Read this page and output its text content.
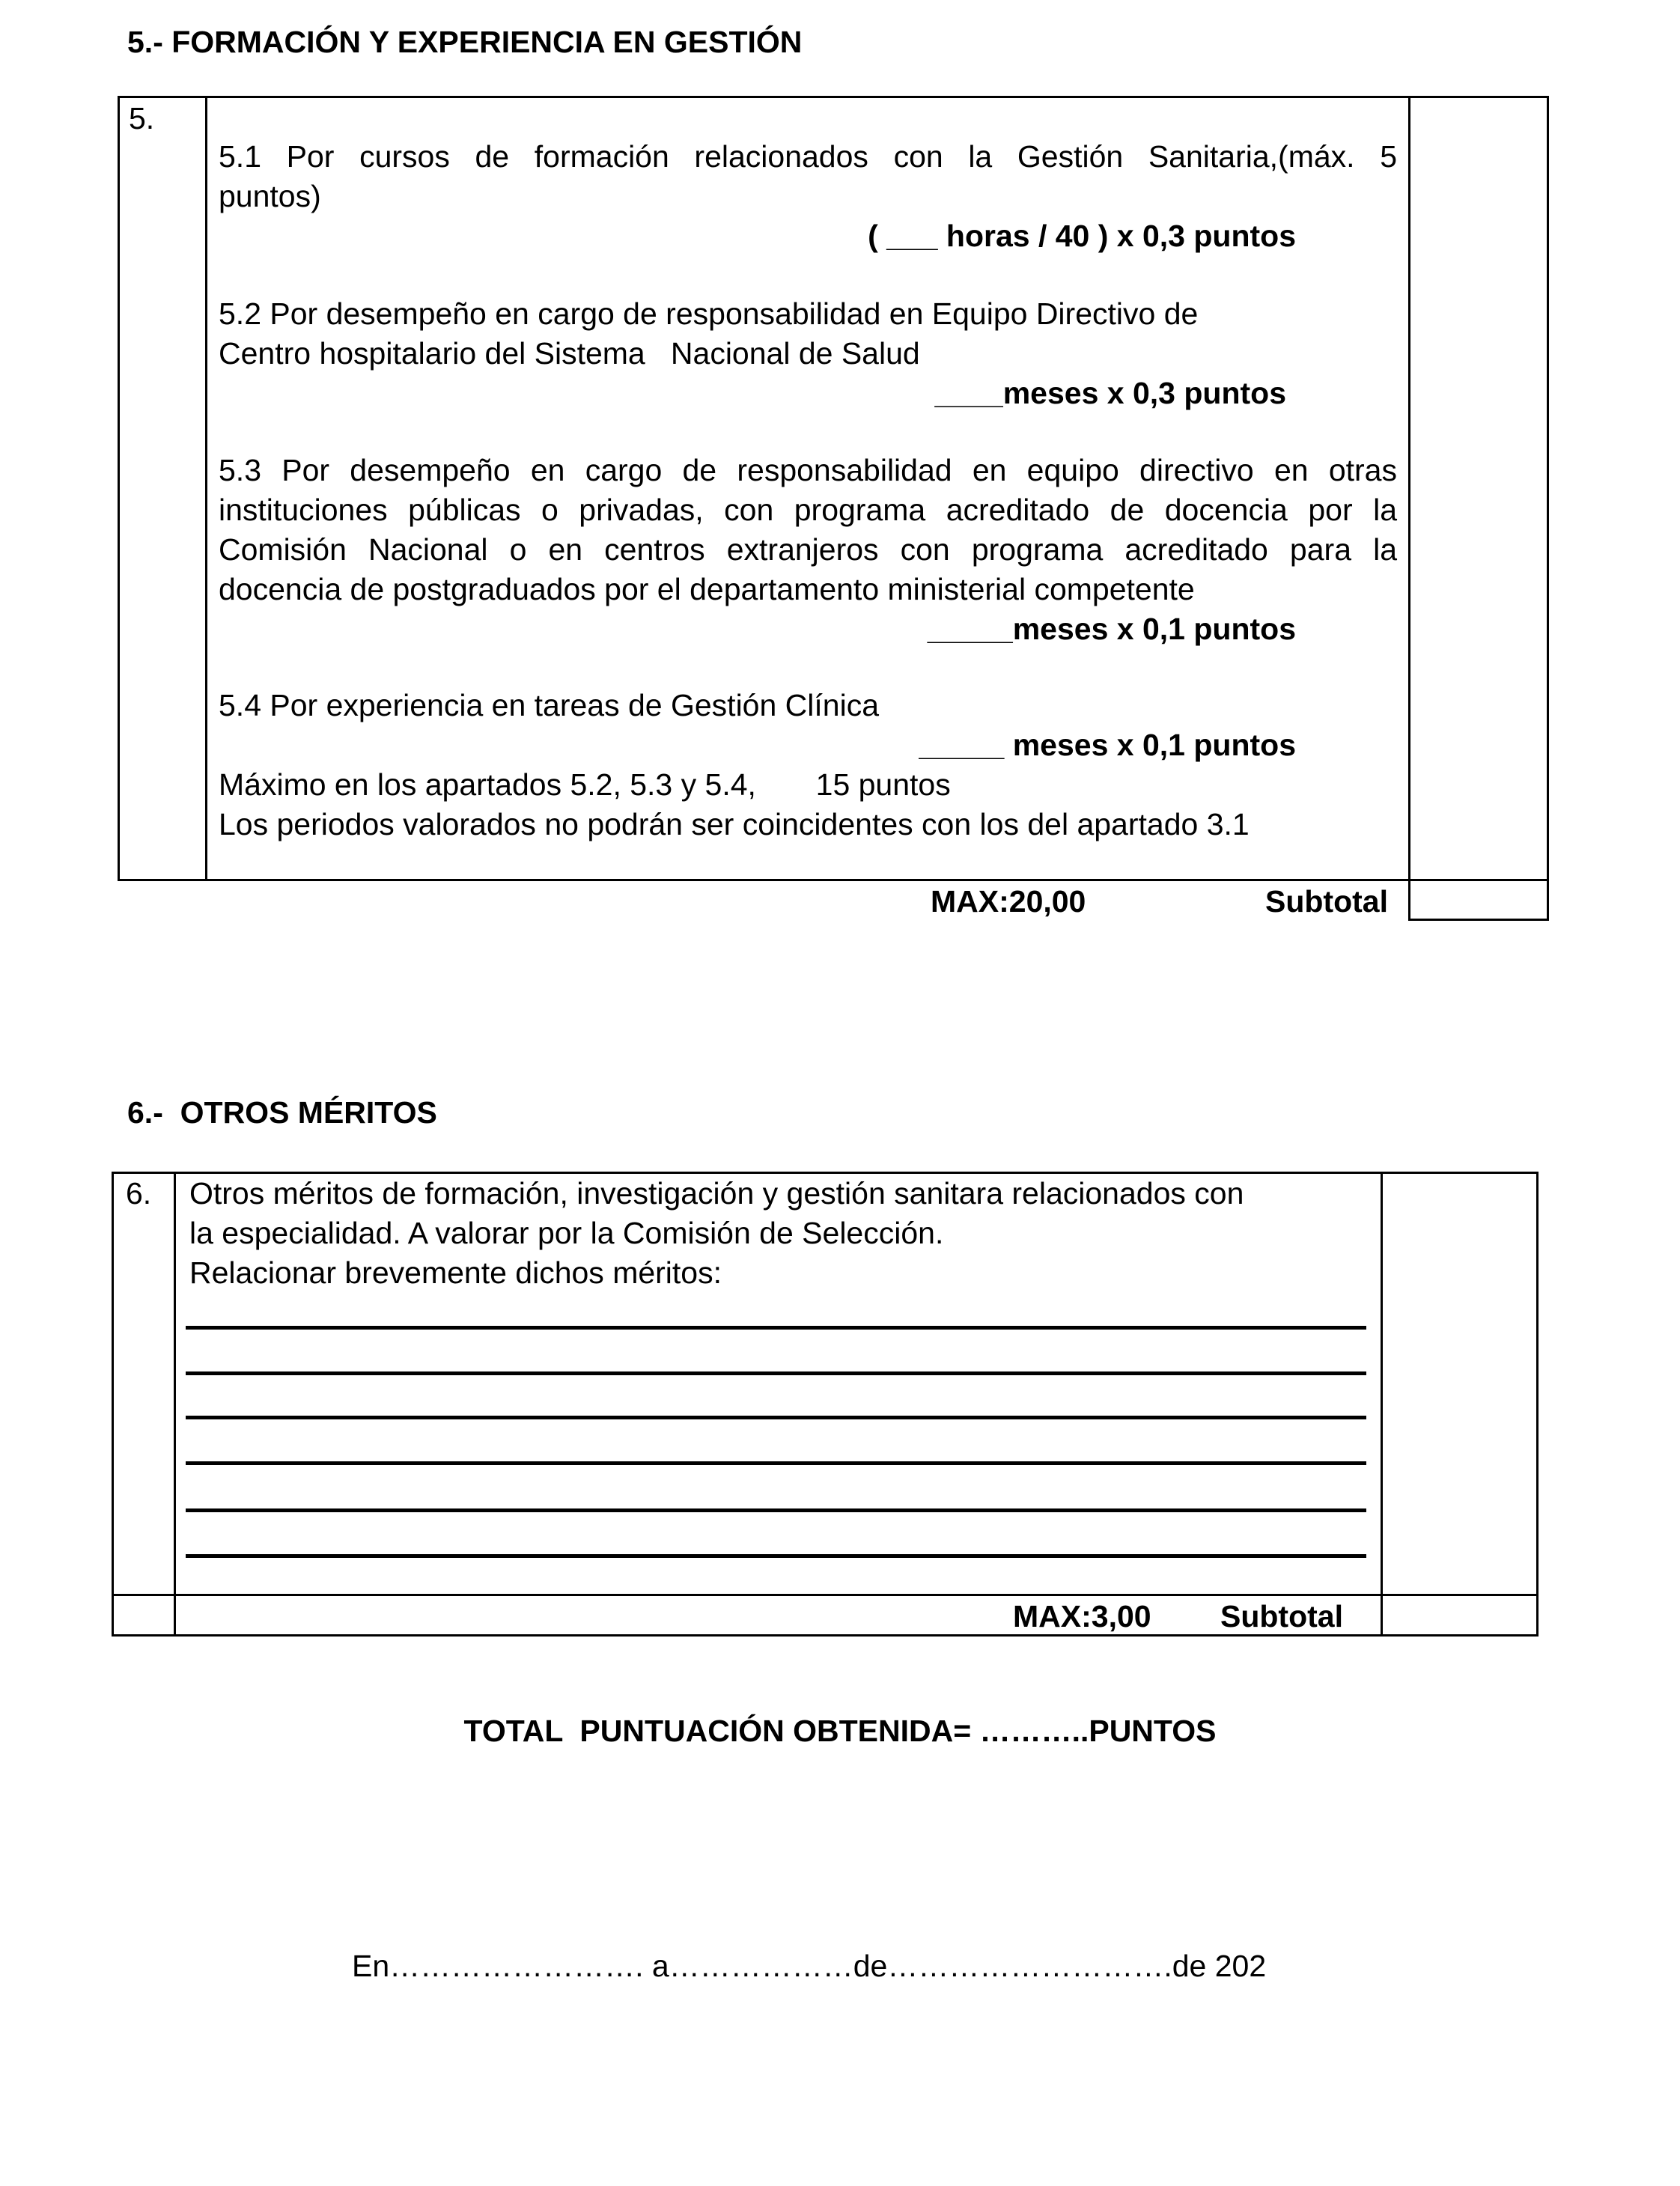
5.- FORMACIÓN Y EXPERIENCIA EN GESTIÓN
5.
5.1 Por cursos de formación relacionados con la Gestión Sanitaria,(máx. 5
puntos)
( ___ horas / 40 ) x 0,3 puntos
5.2 Por desempeño en cargo de responsabilidad en Equipo Directivo de
Centro hospitalario del Sistema   Nacional de Salud
____meses x 0,3 puntos
5.3 Por desempeño en cargo de responsabilidad en equipo directivo en otras
instituciones públicas o privadas, con programa acreditado de docencia por la
Comisión Nacional o en centros extranjeros con programa acreditado para la
docencia de postgraduados por el departamento ministerial competente
_____meses x 0,1 puntos
5.4 Por experiencia en tareas de Gestión Clínica
_____ meses x 0,1 puntos
Máximo en los apartados 5.2, 5.3 y 5.4,       15 puntos
Los periodos valorados no podrán ser coincidentes con los del apartado 3.1
MAX:20,00	Subtotal
6.-  OTROS MÉRITOS
6. Otros méritos de formación, investigación y gestión sanitara relacionados con
la especialidad. A valorar por la Comisión de Selección.
Relacionar brevemente dichos méritos:
MAX:3,00 Subtotal
TOTAL  PUNTUACIÓN OBTENIDA= ………..PUNTOS
En……………………. a………………de……………………….de 202
